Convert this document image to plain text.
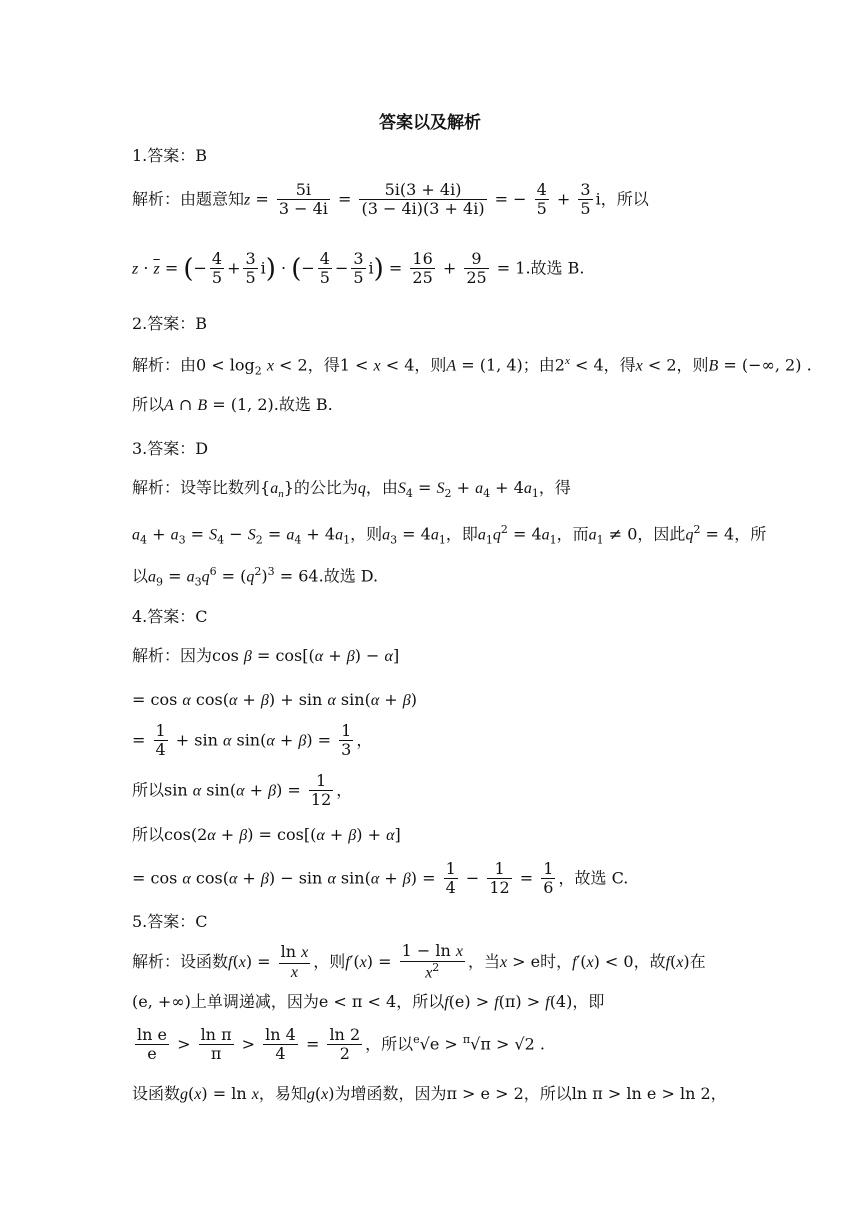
答案以及解析
1.答案：B
解析：由题意知$z = \frac{5i}{3 - 4i} = \frac{5i(3 + 4i)}{(3 - 4i)(3 + 4i)}$ = − $\frac{4}{5} + \frac{3}{5}$ i，所以
$z \cdot \overline{z}$ = (− $\frac{4}{5} + \frac{3}{5} i$) · (− $\frac{4}{5} - \frac{3}{5} i) = \frac{16}{25} + \frac{9}{25} = 1$.故选 B.
2.答案：B
解析：由$0 < \log_2 x < 2$，得1 < x < 4，则A = (1, 4)；由$2^x < 4$，得x < 2，则B = (−∞, 2) .
所以A ∩ B = (1, 2).故选 B.
3.答案：D
解析：设等比数列$\{a_n\}$的公比为q，由$S_4 = S_2 + a_4 + 4a_1$，得
$a_4 + a_3 = S_4 - S_2 = a_4 + 4a_1$，则$a_3 = 4a_1$，即$a_1q^2 = 4a_1$，而$a_1 \ne 0$，因此$q^2 = 4$，所
以$a_9 = a_3q^6 = (q^2)^3 = 64$.故选 D.
4.答案：C
解析：因为cos β = cos[(α + β) − α]
= cos α cos(α + β) + sin α sin(α + β)
= $\frac{1}{4} + \sin \alpha$ $\sin(\alpha + \beta) = \frac{1}{3}$ ，
所以sin α $\sin(\alpha + \beta) = \frac{1}{12}$ ，
所以cos(2α + β) = cos[(α + β) + α]
= cos α cos(α + β) − sin α $\sin(\alpha + \beta) = \frac{1}{4} - \frac{1}{12} = \frac{1}{6}$ ，故选 C.
5.答案：C
解析：设函数$f(x) = \frac{\text{ln x}}{x}$ ，则$f'(x) = \frac{\text{1 − ln x}}{x^2}$ ，当x > e时，f′(x) < 0，故f(x)在
(e, +∞)上单调递减，因为e < π < 4，所以f(e) > f(π) > f(4)，即
$\frac{\text{ln e}}{e} > \frac{\text{ln π}}{\pi} > \frac{\ln 4}{4} = \frac{\ln 2}{2}$ ，所以$^e$√e > $^\pi$√π > √2 .
设函数g(x) = ln x，易知g(x)为增函数，因为π > e > 2，所以ln π > ln e > ln 2，
